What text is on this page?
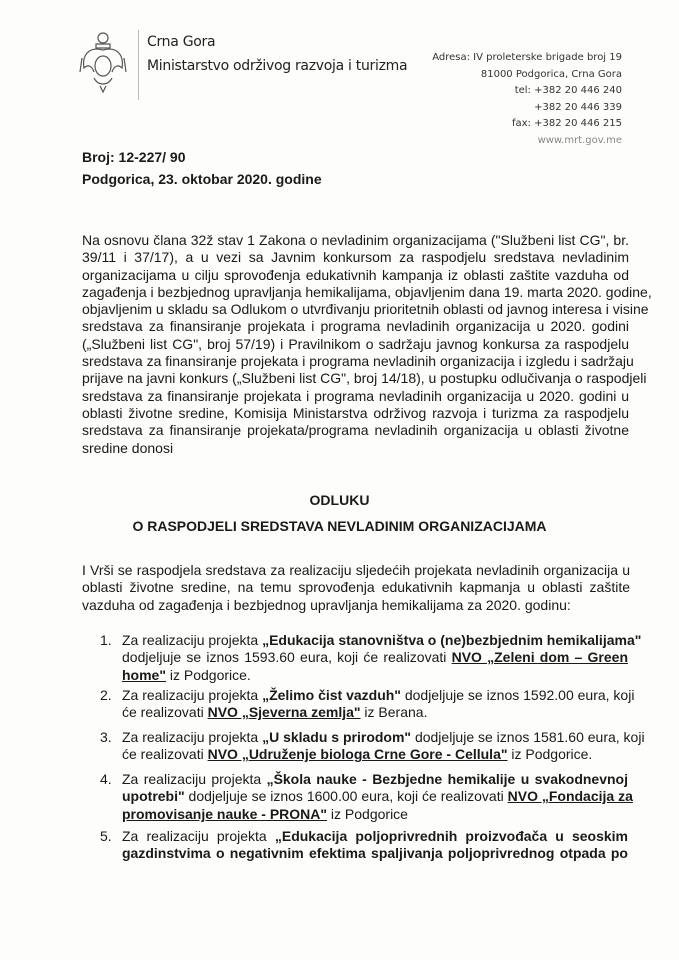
Crna Gora
Ministarstvo održivog razvoja i turizma
Adresa: IV proleterske brigade broj 19
81000 Podgorica, Crna Gora
tel: +382 20 446 240
+382 20 446 339
fax: +382 20 446 215
www.mrt.gov.me
Broj: 12-227/ 90
Podgorica, 23. oktobar 2020. godine
Na osnovu člana 32ž stav 1 Zakona o nevladinim organizacijama ("Službeni list CG", br.
39/11 i 37/17), a u vezi sa Javnim konkursom za raspodjelu sredstava nevladinim
organizacijama u cilju sprovođenja edukativnih kampanja iz oblasti zaštite vazduha od
zagađenja i bezbjednog upravljanja hemikalijama, objavljenim dana 19. marta 2020. godine,
objavljenim u skladu sa Odlukom o utvrđivanju prioritetnih oblasti od javnog interesa i visine
sredstava za finansiranje projekata i programa nevladinih organizacija u 2020. godini
(„Službeni list CG", broj 57/19) i Pravilnikom o sadržaju javnog konkursa za raspodjelu
sredstava za finansiranje projekata i programa nevladinih organizacija i izgledu i sadržaju
prijave na javni konkurs („Službeni list CG", broj 14/18), u postupku odlučivanja o raspodjeli
sredstava za finansiranje projekata i programa nevladinih organizacija u 2020. godini u
oblasti životne sredine, Komisija Ministarstva održivog razvoja i turizma za raspodjelu
sredstava za finansiranje projekata/programa nevladinih organizacija u oblasti životne
sredine donosi
ODLUKU
O RASPODJELI SREDSTAVA NEVLADINIM ORGANIZACIJAMA
I Vrši se raspodjela sredstava za realizaciju sljedećih projekata nevladinih organizacija u
oblasti životne sredine, na temu sprovođenja edukativnih kapmanja u oblasti zaštite
vazduha od zagađenja i bezbjednog upravljanja hemikalijama za 2020. godinu:
1. Za realizaciju projekta „Edukacija stanovništva o (ne)bezbjednim hemikalijama"
dodjeljuje se iznos 1593.60 eura, koji će realizovati NVO „Zeleni dom – Green
home" iz Podgorice.
2. Za realizaciju projekta „Želimo čist vazduh" dodjeljuje se iznos 1592.00 eura, koji
će realizovati NVO „Sjeverna zemlja" iz Berana.
3. Za realizaciju projekta „U skladu s prirodom" dodjeljuje se iznos 1581.60 eura, koji
će realizovati NVO „Udruženje biologa Crne Gore - Cellula" iz Podgorice.
4. Za realizaciju projekta „Škola nauke - Bezbjedne hemikalije u svakodnevnoj
upotrebi" dodjeljuje se iznos 1600.00 eura, koji će realizovati NVO „Fondacija za
promovisanje nauke - PRONA" iz Podgorice
5. Za realizaciju projekta „Edukacija poljoprivrednih proizvođača u seoskim
gazdinstvima o negativnim efektima spaljivanja poljoprivrednog otpada po
